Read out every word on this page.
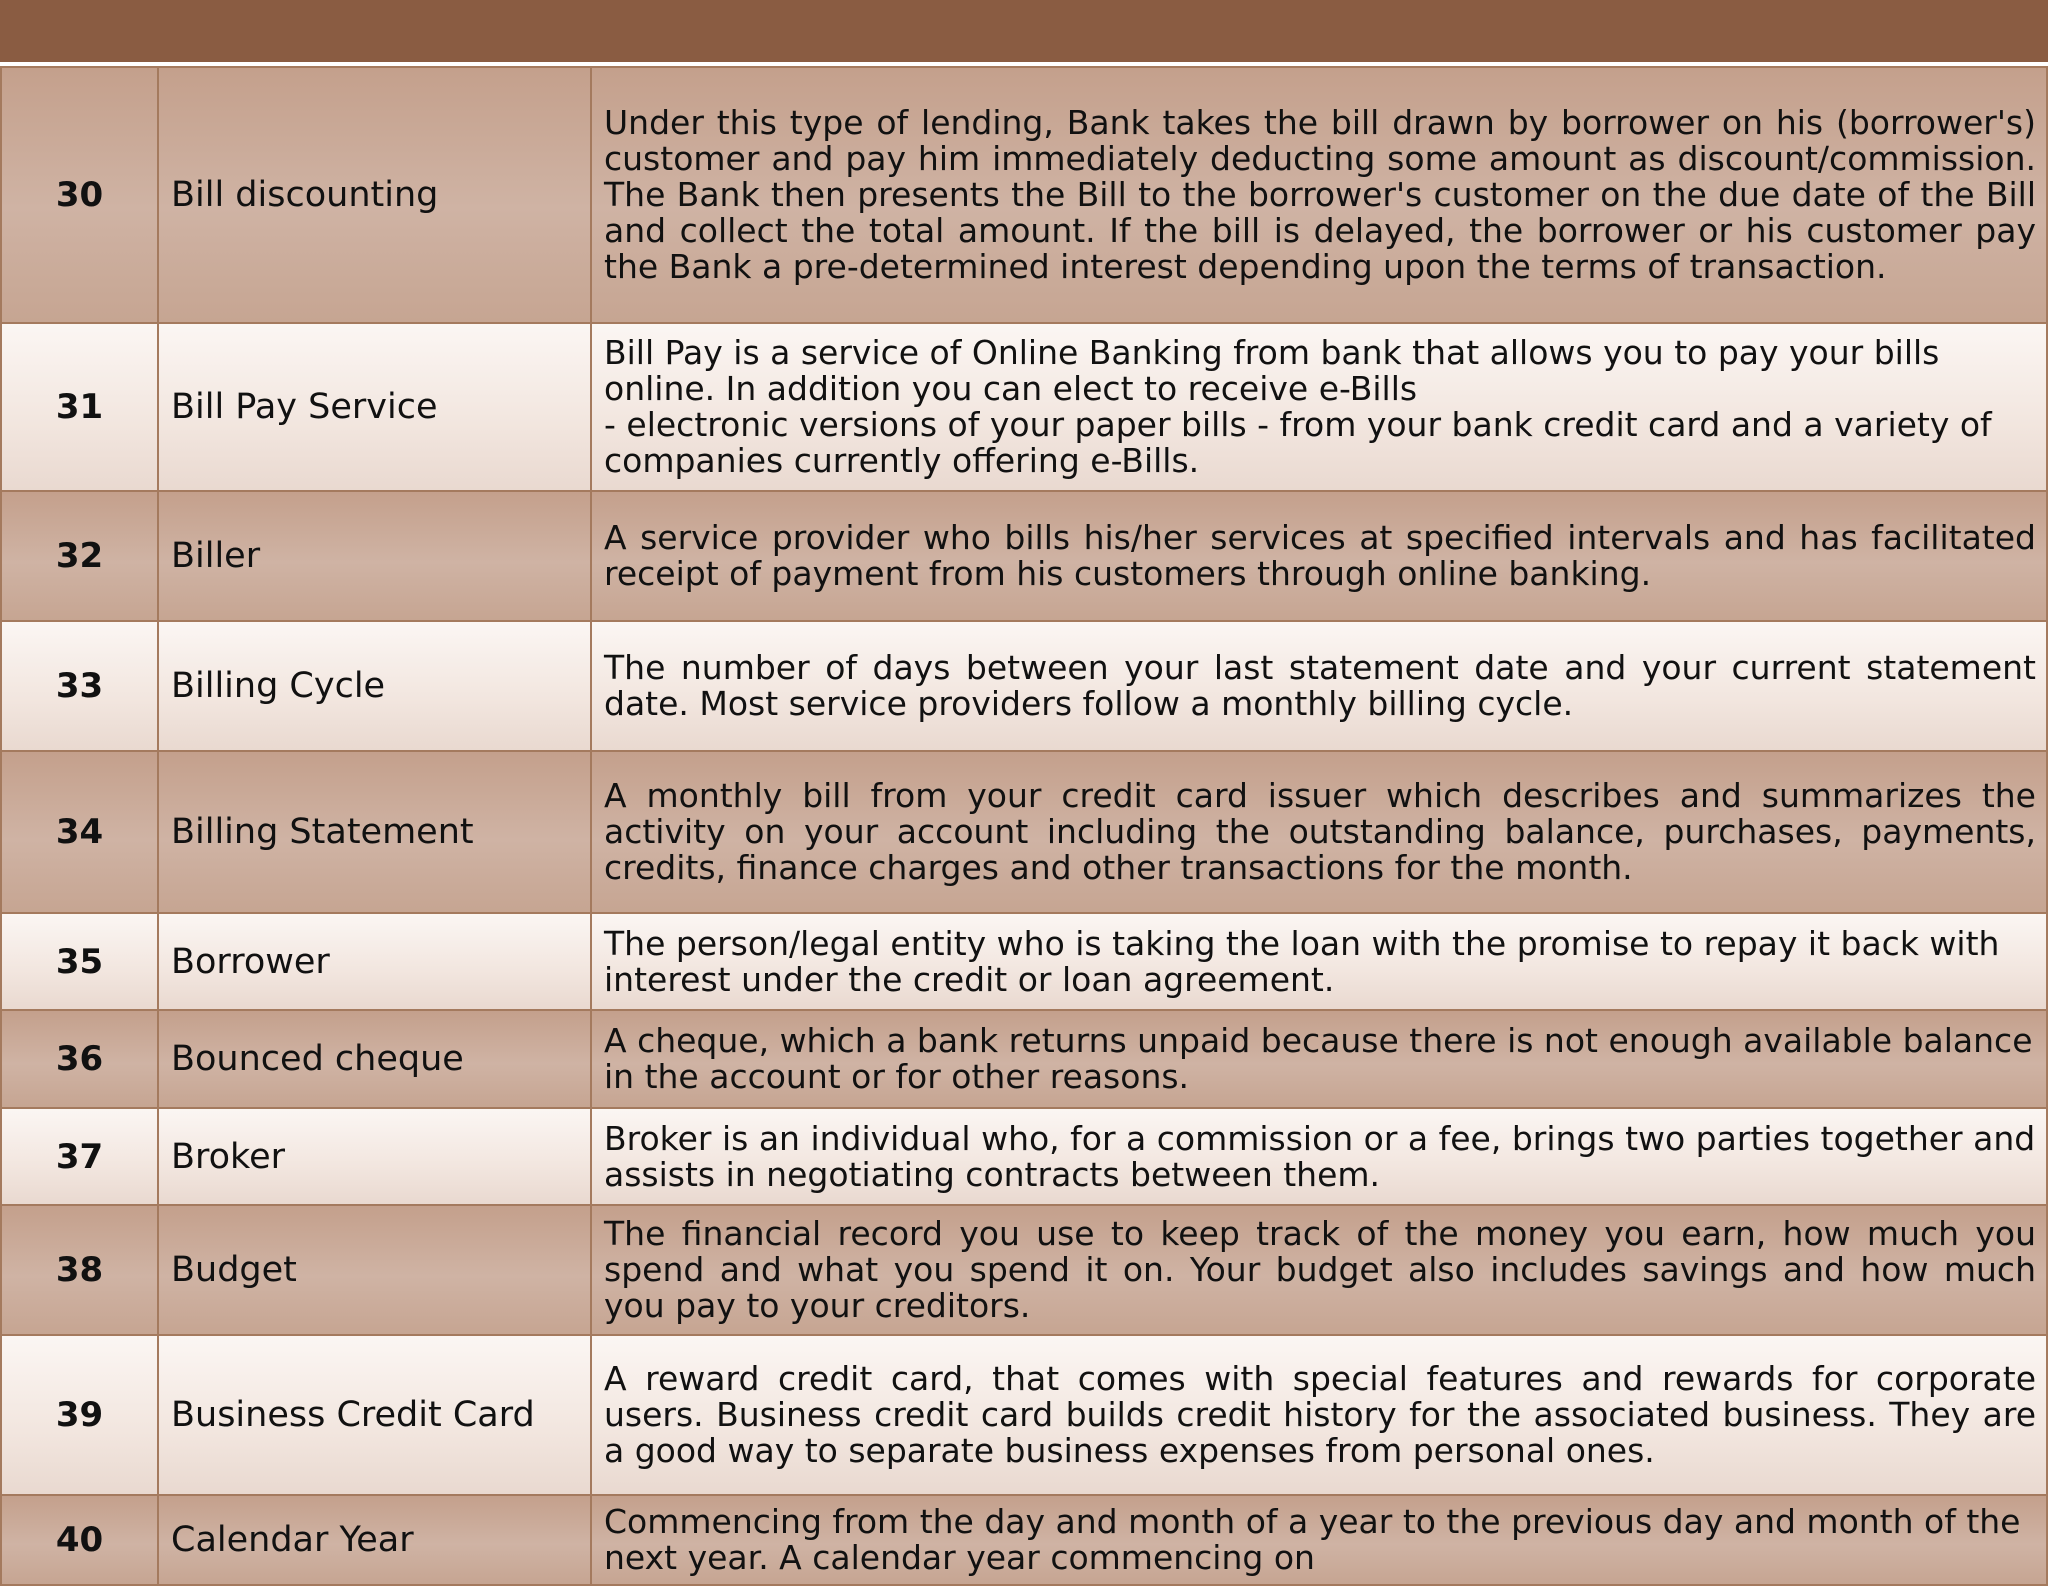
30	Bill discounting	Under this type of lending, Bank takes the bill drawn by borrower on his (borrower's) customer and pay him immediately deducting some amount as discount/commission. The Bank then presents the Bill to the borrower's customer on the due date of the Bill and collect the total amount. If the bill is delayed, the borrower or his customer pay the Bank a pre-determined interest depending upon the terms of transaction.
31	Bill Pay Service	Bill Pay is a service of Online Banking from bank that allows you to pay your bills online. In addition you can elect to receive e-Bills
- electronic versions of your paper bills - from your bank credit card and a variety of companies currently offering e-Bills.

32	Biller	A service provider who bills his/her services at specified intervals and has facilitated receipt of payment from his customers through online banking.
33	Billing Cycle	The number of days between your last statement date and your current statement date. Most service providers follow a monthly billing cycle.
34	Billing Statement	A monthly bill from your credit card issuer which describes and summarizes the activity on your account including the outstanding balance, purchases, payments, credits, finance charges and other transactions for the month.
35	Borrower	The person/legal entity who is taking the loan with the promise to repay it back with interest under the credit or loan agreement.
36	Bounced cheque	A cheque, which a bank returns unpaid because there is not enough available balance in the account or for other reasons.
37	Broker	Broker is an individual who, for a commission or a fee, brings two parties together and assists in negotiating contracts between them.
38	Budget	The financial record you use to keep track of the money you earn, how much you spend and what you spend it on. Your budget also includes savings and how much you pay to your creditors.
39	Business Credit Card	A reward credit card, that comes with special features and rewards for corporate users. Business credit card builds credit history for the associated business. They are a good way to separate business expenses from personal ones.
40	Calendar Year	Commencing from the day and month of a year to the previous day and month of the next year. A calendar year commencing on
